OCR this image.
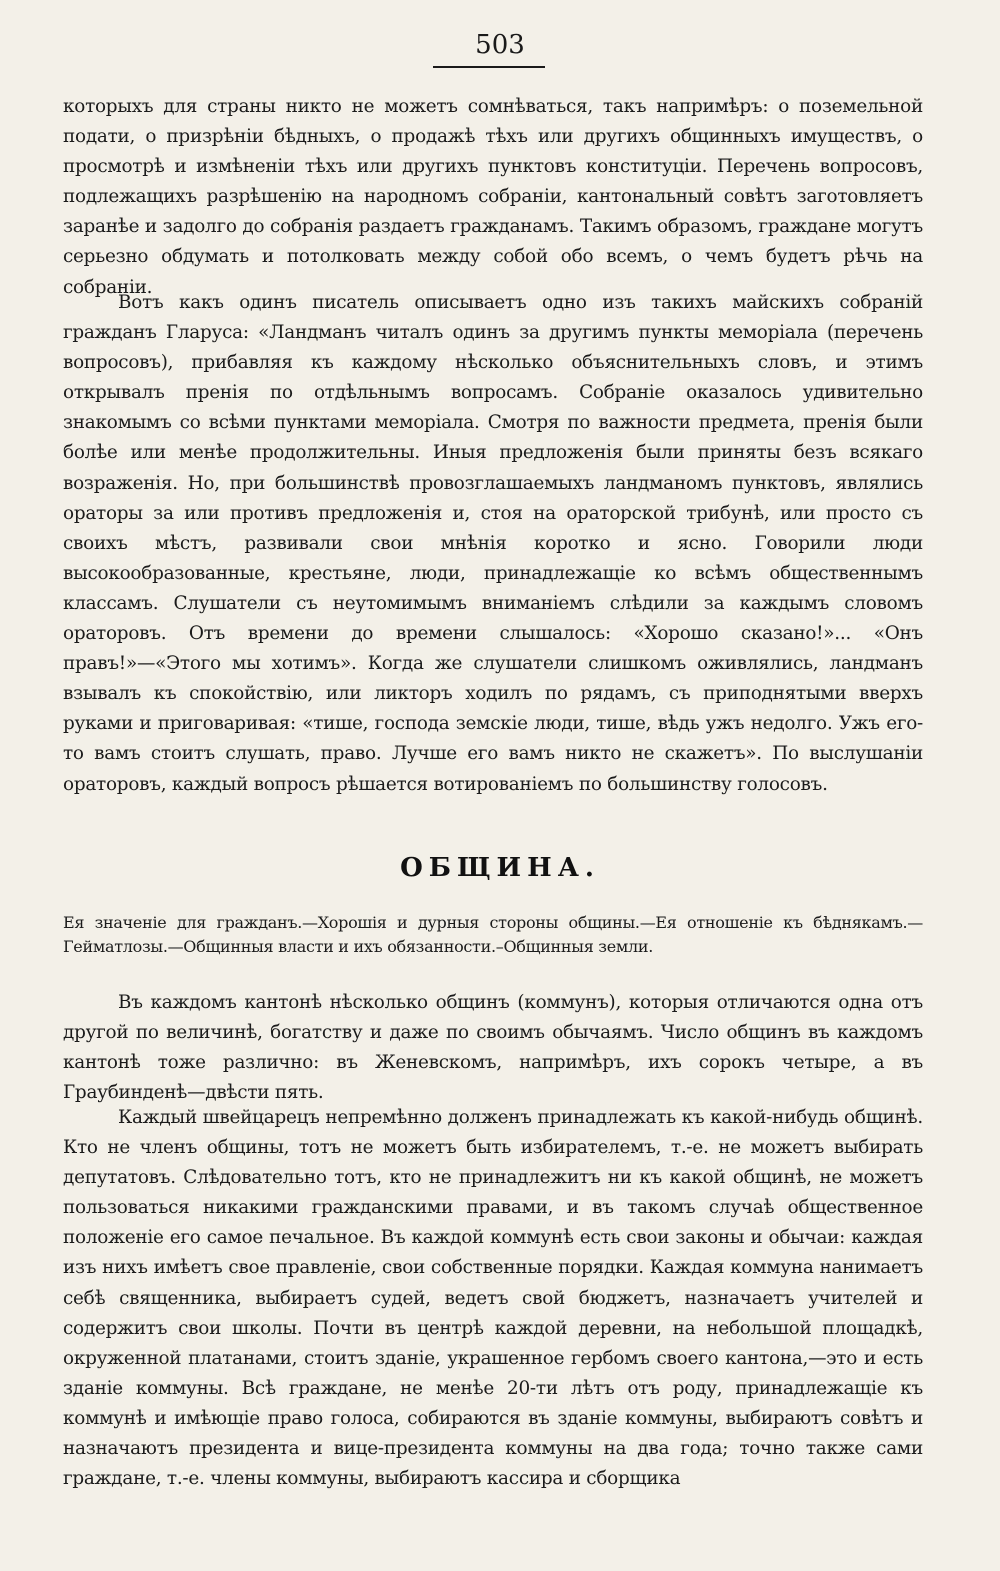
503

которыхъ для страны никто не можетъ сомнѣваться, такъ напримѣръ: о поземельной подати, о призрѣніи бѣдныхъ, о продажѣ тѣхъ или другихъ общинныхъ имуществъ, о просмотрѣ и измѣненіи тѣхъ или другихъ пунктовъ конституціи. Перечень вопросовъ, подлежащихъ разрѣшенію на народномъ собраніи, кантональный совѣтъ заготовляетъ заранѣе и задолго до собранія раздаетъ гражданамъ. Такимъ образомъ, граждане могутъ серьезно обдумать и потолковать между собой обо всемъ, о чемъ будетъ рѣчь на собраніи.

Вотъ какъ одинъ писатель описываетъ одно изъ такихъ майскихъ собраній гражданъ Гларуса: «Ландманъ читалъ одинъ за другимъ пункты меморіала (перечень вопросовъ), прибавляя къ каждому нѣсколько объяснительныхъ словъ, и этимъ открывалъ пренія по отдѣльнымъ вопросамъ. Собраніе оказалось удивительно знакомымъ со всѣми пунктами меморіала. Смотря по важности предмета, пренія были болѣе или менѣе продолжительны. Иныя предложенія были приняты безъ всякаго возраженія. Но, при большинствѣ провозглашаемыхъ ландманомъ пунктовъ, являлись ораторы за или противъ предложенія и, стоя на ораторской трибунѣ, или просто съ своихъ мѣстъ, развивали свои мнѣнія коротко и ясно. Говорили люди высокообразованные, крестьяне, люди, принадлежащіе ко всѣмъ общественнымъ классамъ. Слушатели съ неутомимымъ вниманіемъ слѣдили за каждымъ словомъ ораторовъ. Отъ времени до времени слышалось: «Хорошо сказано!»... «Онъ правъ!»—«Этого мы хотимъ». Когда же слушатели слишкомъ оживлялись, ландманъ взывалъ къ спокойствію, или ликторъ ходилъ по рядамъ, съ приподнятыми вверхъ руками и приговаривая: «тише, господа земскіе люди, тише, вѣдь ужъ недолго. Ужъ его-то вамъ стоитъ слушать, право. Лучше его вамъ никто не скажетъ». По выслушаніи ораторовъ, каждый вопросъ рѣшается вотированіемъ по большинству голосовъ.

ОБЩИНА.
Ея значеніе для гражданъ.—Хорошія и дурныя стороны общины.—Ея отношеніе къ бѣднякамъ.—Гейматлозы.—Общинныя власти и ихъ обязанности.–Общинныя земли.

Въ каждомъ кантонѣ нѣсколько общинъ (коммунъ), которыя отличаются одна отъ другой по величинѣ, богатству и даже по своимъ обычаямъ. Число общинъ въ каждомъ кантонѣ тоже различно: въ Женевскомъ, напримѣръ, ихъ сорокъ четыре, а въ Граубинденѣ—двѣсти пять.

Каждый швейцарецъ непремѣнно долженъ принадлежать къ какой-нибудь общинѣ. Кто не членъ общины, тотъ не можетъ быть избирателемъ, т.-е. не можетъ выбирать депутатовъ. Слѣдовательно тотъ, кто не принадлежитъ ни къ какой общинѣ, не можетъ пользоваться никакими гражданскими правами, и въ такомъ случаѣ общественное положеніе его самое печальное. Въ каждой коммунѣ есть свои законы и обычаи: каждая изъ нихъ имѣетъ свое правленіе, свои собственные порядки. Каждая коммуна нанимаетъ себѣ священника, выбираетъ судей, ведетъ свой бюджетъ, назначаетъ учителей и содержитъ свои школы. Почти въ центрѣ каждой деревни, на небольшой площадкѣ, окруженной платанами, стоитъ зданіе, украшенное гербомъ своего кантона,—это и есть зданіе коммуны. Всѣ граждане, не менѣе 20-ти лѣтъ отъ роду, принадлежащіе къ коммунѣ и имѣющіе право голоса, собираются въ зданіе коммуны, выбираютъ совѣтъ и назначаютъ президента и вице-президента коммуны на два года; точно также сами граждане, т.-е. члены коммуны, выбираютъ кассира и сборщика
